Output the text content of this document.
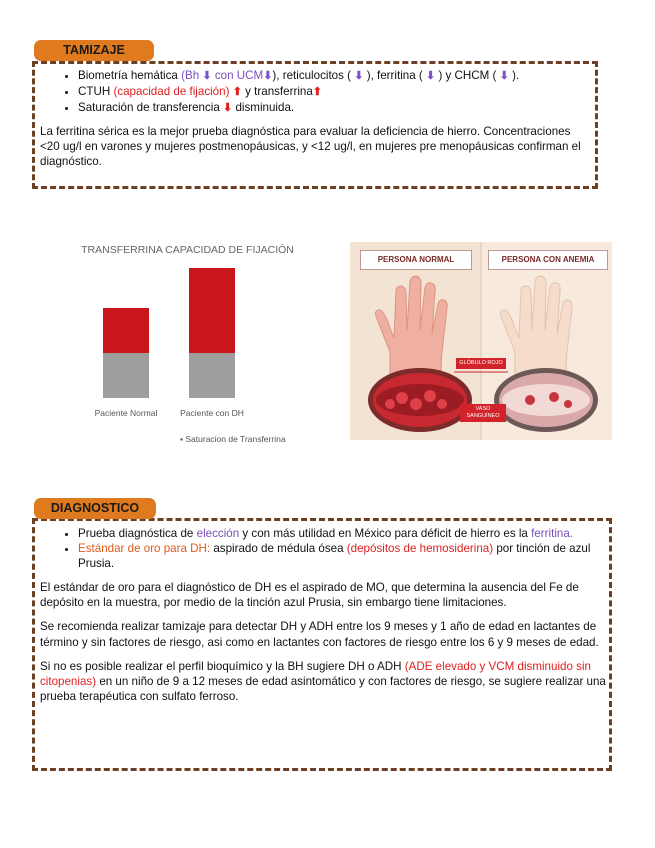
TAMIZAJE
• Biometría hemática (Bh ⬇ con UCM⬇), reticulocitos ( ⬇ ), ferritina ( ⬇ ) y CHCM ( ⬇ ).
• CTUH (capacidad de fijación) ⬆ y transferrina⬆
• Saturación de transferencia ⬇ disminuida.

La ferritina sérica es la mejor prueba diagnóstica para evaluar la deficiencia de hierro. Concentraciones <20 ug/l en varones y mujeres postmenopáusicas, y <12 ug/l, en mujeres pre menopáusicas confirman el diagnóstico.

TRANSFERRINA CAPACIDAD DE FIJACIÓN
Paciente Normal	Paciente con DH
▪ Saturacion de Transferrina
PERSONA NORMAL	PERSONA CON ANEMIA
GLÓBULO ROJO
VASO SANGUÍNEO
DIAGNOSTICO
• Prueba diagnóstica de elección y con más utilidad en México para déficit de hierro es la ferritina.
• Estándar de oro para DH: aspirado de médula ósea (depósitos de hemosiderina) por tinción de azul Prusia.

El estándar de oro para el diagnóstico de DH es el aspirado de MO, que determina la ausencia del Fe de depósito en la muestra, por medio de la tinción azul Prusia, sin embargo tiene limitaciones.

Se recomienda realizar tamizaje para detectar DH y ADH entre los 9 meses y 1 año de edad en lactantes de término y sin factores de riesgo, asi como en lactantes con factores de riesgo entre los 6 y 9 meses de edad.

Si no es posible realizar el perfil bioquímico y la BH sugiere DH o ADH (ADE elevado y VCM disminuido sin citopenias) en un niño de 9 a 12 meses de edad asintomático y con factores de riesgo, se sugiere realizar una prueba terapéutica con sulfato ferroso.
